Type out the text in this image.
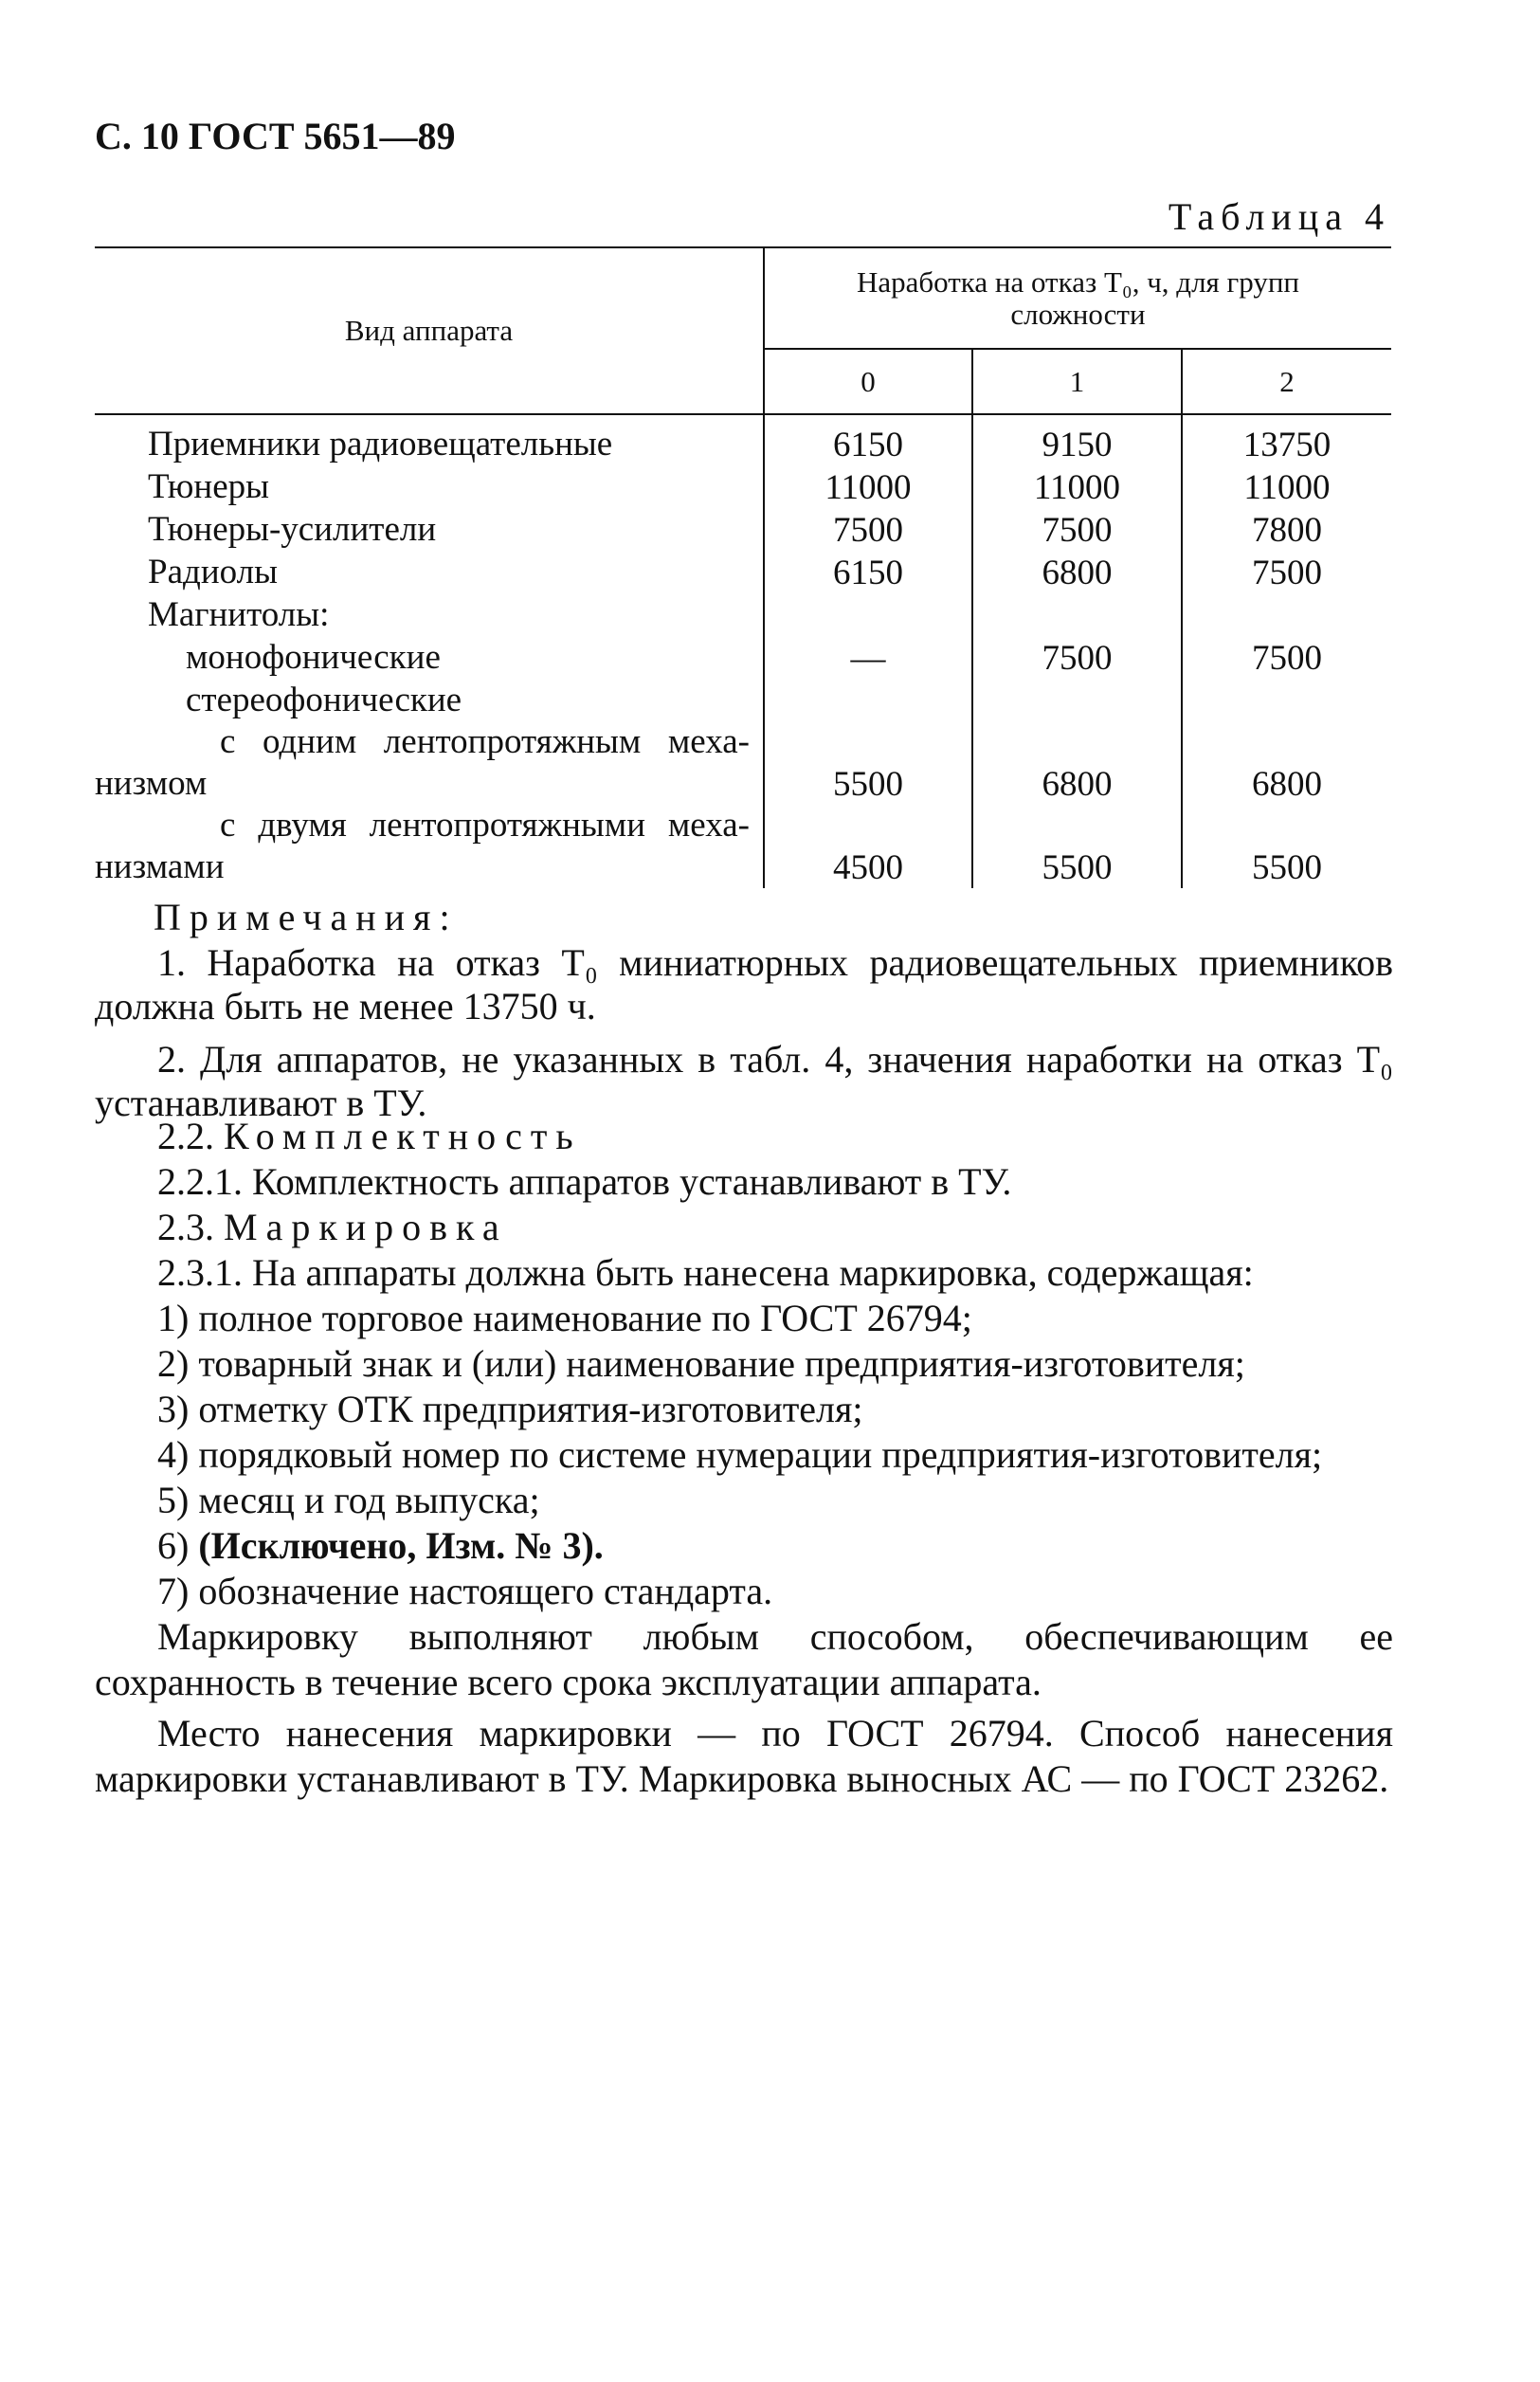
С. 10 ГОСТ 5651—89
Таблица 4
Вид аппарата	Наработка на отказ T₀, ч, для групп сложности		
	0	1	2
Приемники радиовещательные	6150	9150	13750
Тюнеры	11000	11000	11000
Тюнеры-усилители	7500	7500	7800
Радиолы	6150	6800	7500
Магнитолы:			
монофонические	—	7500	7500
стереофонические			

с одним лентопротяжным меха-
низмом	5500	6800	6800

с двумя лентопротяжными меха-
низмами	4500	5500	5500

Примечания:

1. Наработка на отказ T₀ миниатюрных радиовещательных приемников должна быть не менее 13750 ч.

2. Для аппаратов, не указанных в табл. 4, значения наработки на отказ T₀ устанавливают в ТУ.

2.2. Комплектность

2.2.1. Комплектность аппаратов устанавливают в ТУ.

2.3. Маркировка

2.3.1. На аппараты должна быть нанесена маркировка, содержащая:

1) полное торговое наименование по ГОСТ 26794;

2) товарный знак и (или) наименование предприятия-изготовителя;

3) отметку ОТК предприятия-изготовителя;

4) порядковый номер по системе нумерации предприятия-изготовителя;

5) месяц и год выпуска;

6) (Исключено, Изм. № 3).

7) обозначение настоящего стандарта.

Маркировку выполняют любым способом, обеспечивающим ее сохранность в течение всего срока эксплуатации аппарата.

Место нанесения маркировки — по ГОСТ 26794. Способ нанесения маркировки устанавливают в ТУ. Маркировка выносных АС — по ГОСТ 23262.
